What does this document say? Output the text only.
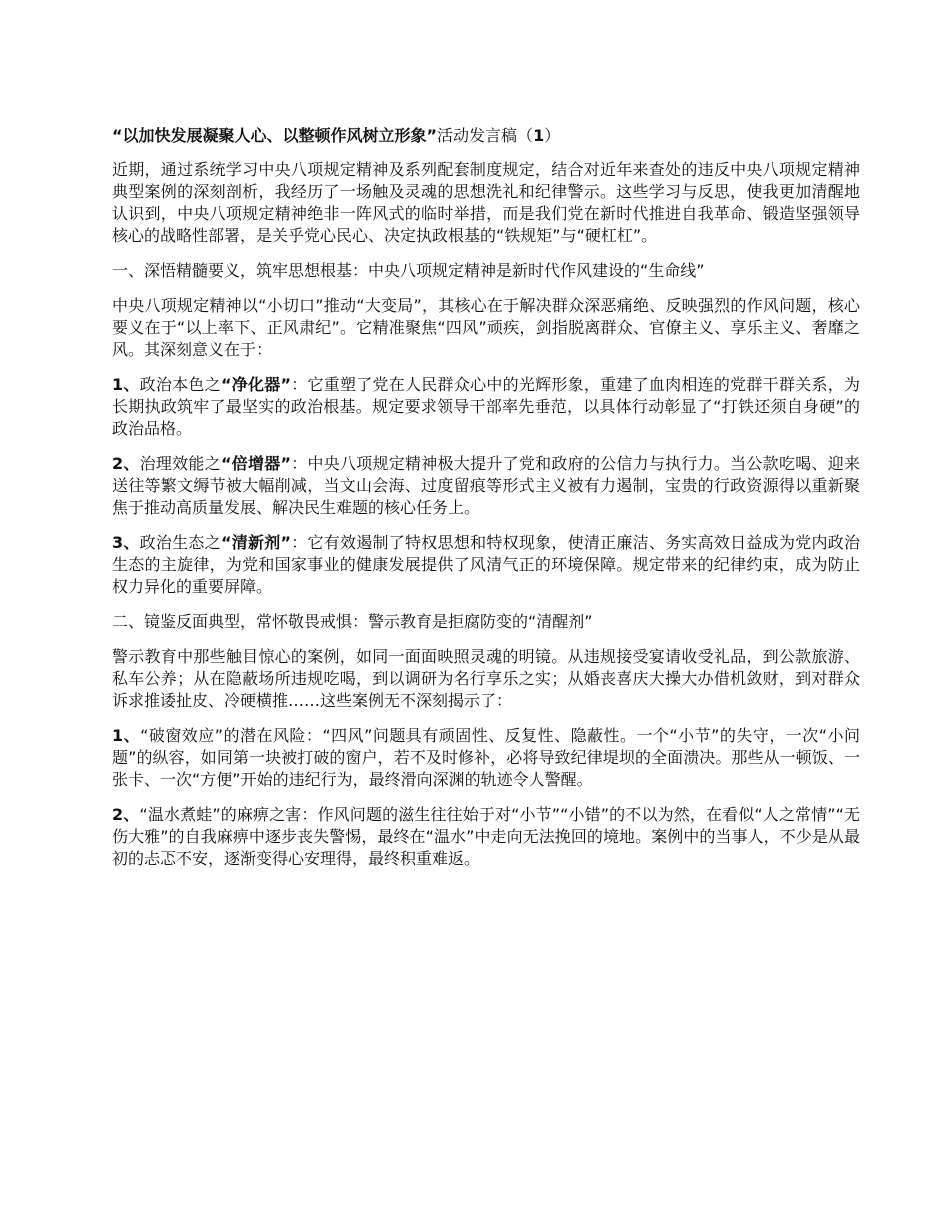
“以加快发展凝聚人心、以整顿作风树立形象”活动发言稿（1）

近期，通过系统学习中央八项规定精神及系列配套制度规定，结合对近年来查处的违反中央八项规定精神典型案例的深刻剖析，我经历了一场触及灵魂的思想洗礼和纪律警示。这些学习与反思，使我更加清醒地认识到，中央八项规定精神绝非一阵风式的临时举措，而是我们党在新时代推进自我革命、锻造坚强领导核心的战略性部署，是关乎党心民心、决定执政根基的“铁规矩”与“硬杠杠”。

一、深悟精髓要义，筑牢思想根基：中央八项规定精神是新时代作风建设的“生命线”

中央八项规定精神以“小切口”推动“大变局”，其核心在于解决群众深恶痛绝、反映强烈的作风问题，核心要义在于“以上率下、正风肃纪”。它精准聚焦“四风”顽疾，剑指脱离群众、官僚主义、享乐主义、奢靡之风。其深刻意义在于：

1、政治本色之“净化器”：它重塑了党在人民群众心中的光辉形象，重建了血肉相连的党群干群关系，为长期执政筑牢了最坚实的政治根基。规定要求领导干部率先垂范，以具体行动彰显了“打铁还须自身硬”的政治品格。

2、治理效能之“倍增器”：中央八项规定精神极大提升了党和政府的公信力与执行力。当公款吃喝、迎来送往等繁文缛节被大幅削减，当文山会海、过度留痕等形式主义被有力遏制，宝贵的行政资源得以重新聚焦于推动高质量发展、解决民生难题的核心任务上。

3、政治生态之“清新剂”：它有效遏制了特权思想和特权现象，使清正廉洁、务实高效日益成为党内政治生态的主旋律，为党和国家事业的健康发展提供了风清气正的环境保障。规定带来的纪律约束，成为防止权力异化的重要屏障。

二、镜鉴反面典型，常怀敬畏戒惧：警示教育是拒腐防变的“清醒剂”

警示教育中那些触目惊心的案例，如同一面面映照灵魂的明镜。从违规接受宴请收受礼品，到公款旅游、私车公养；从在隐蔽场所违规吃喝，到以调研为名行享乐之实；从婚丧喜庆大操大办借机敛财，到对群众诉求推诿扯皮、冷硬横推……这些案例无不深刻揭示了：

1、“破窗效应”的潜在风险：“四风”问题具有顽固性、反复性、隐蔽性。一个“小节”的失守，一次“小问题”的纵容，如同第一块被打破的窗户，若不及时修补，必将导致纪律堤坝的全面溃决。那些从一顿饭、一张卡、一次“方便”开始的违纪行为，最终滑向深渊的轨迹令人警醒。

2、“温水煮蛙”的麻痹之害：作风问题的滋生往往始于对“小节”“小错”的不以为然，在看似“人之常情”“无伤大雅”的自我麻痹中逐步丧失警惕，最终在“温水”中走向无法挽回的境地。案例中的当事人，不少是从最初的忐忑不安，逐渐变得心安理得，最终积重难返。
